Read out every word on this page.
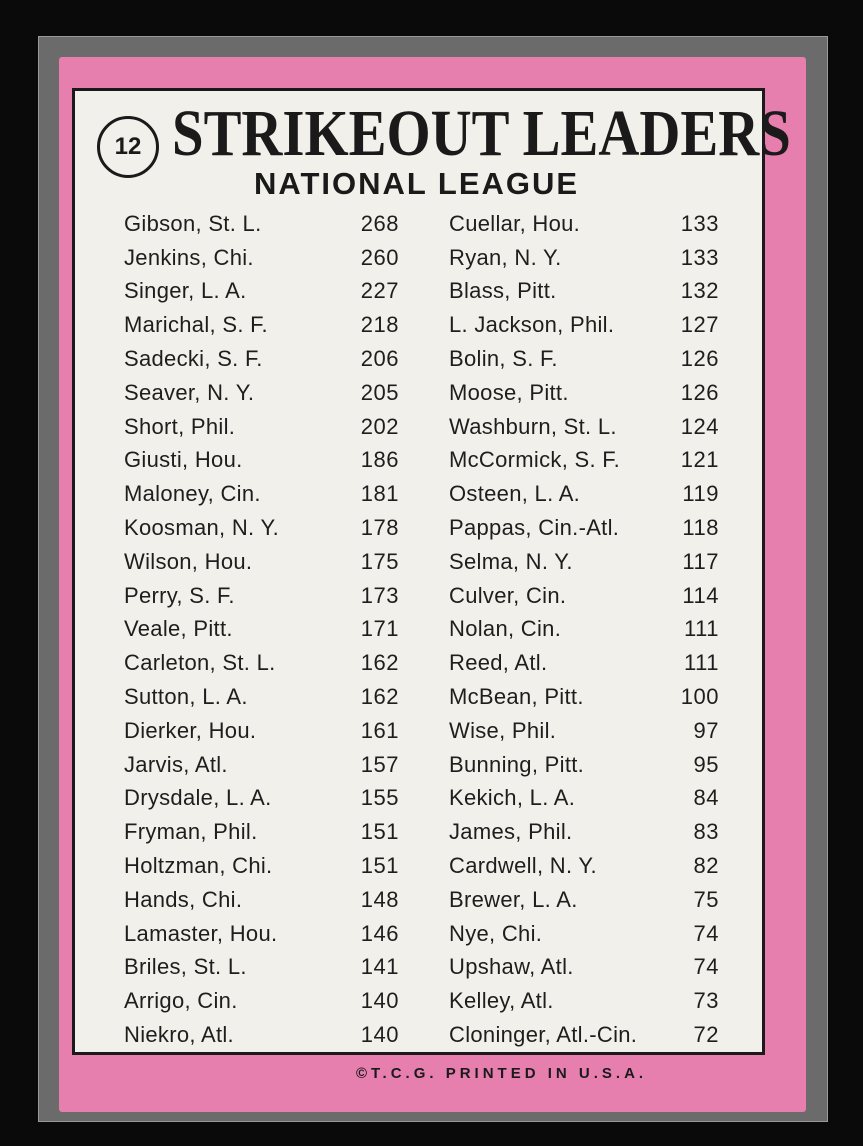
12 STRIKEOUT LEADERS
NATIONAL LEAGUE
Gibson, St. L.	268
Jenkins, Chi.	260
Singer, L. A.	227
Marichal, S. F.	218
Sadecki, S. F.	206
Seaver, N. Y.	205
Short, Phil.	202
Giusti, Hou.	186
Maloney, Cin.	181
Koosman, N. Y.	178
Wilson, Hou.	175
Perry, S. F.	173
Veale, Pitt.	171
Carleton, St. L.	162
Sutton, L. A.	162
Dierker, Hou.	161
Jarvis, Atl.	157
Drysdale, L. A.	155
Fryman, Phil.	151
Holtzman, Chi.	151
Hands, Chi.	148
Lamaster, Hou.	146
Briles, St. L.	141
Arrigo, Cin.	140
Niekro, Atl.	140
Cuellar, Hou.	133
Ryan, N. Y.	133
Blass, Pitt.	132
L. Jackson, Phil.	127
Bolin, S. F.	126
Moose, Pitt.	126
Washburn, St. L.	124
McCormick, S. F.	121
Osteen, L. A.	119
Pappas, Cin.-Atl.	118
Selma, N. Y.	117
Culver, Cin.	114
Nolan, Cin.	111
Reed, Atl.	111
McBean, Pitt.	100
Wise, Phil.	97
Bunning, Pitt.	95
Kekich, L. A.	84
James, Phil.	83
Cardwell, N. Y.	82
Brewer, L. A.	75
Nye, Chi.	74
Upshaw, Atl.	74
Kelley, Atl.	73
Cloninger, Atl.-Cin.	72
©T.C.G. PRINTED IN U.S.A.
